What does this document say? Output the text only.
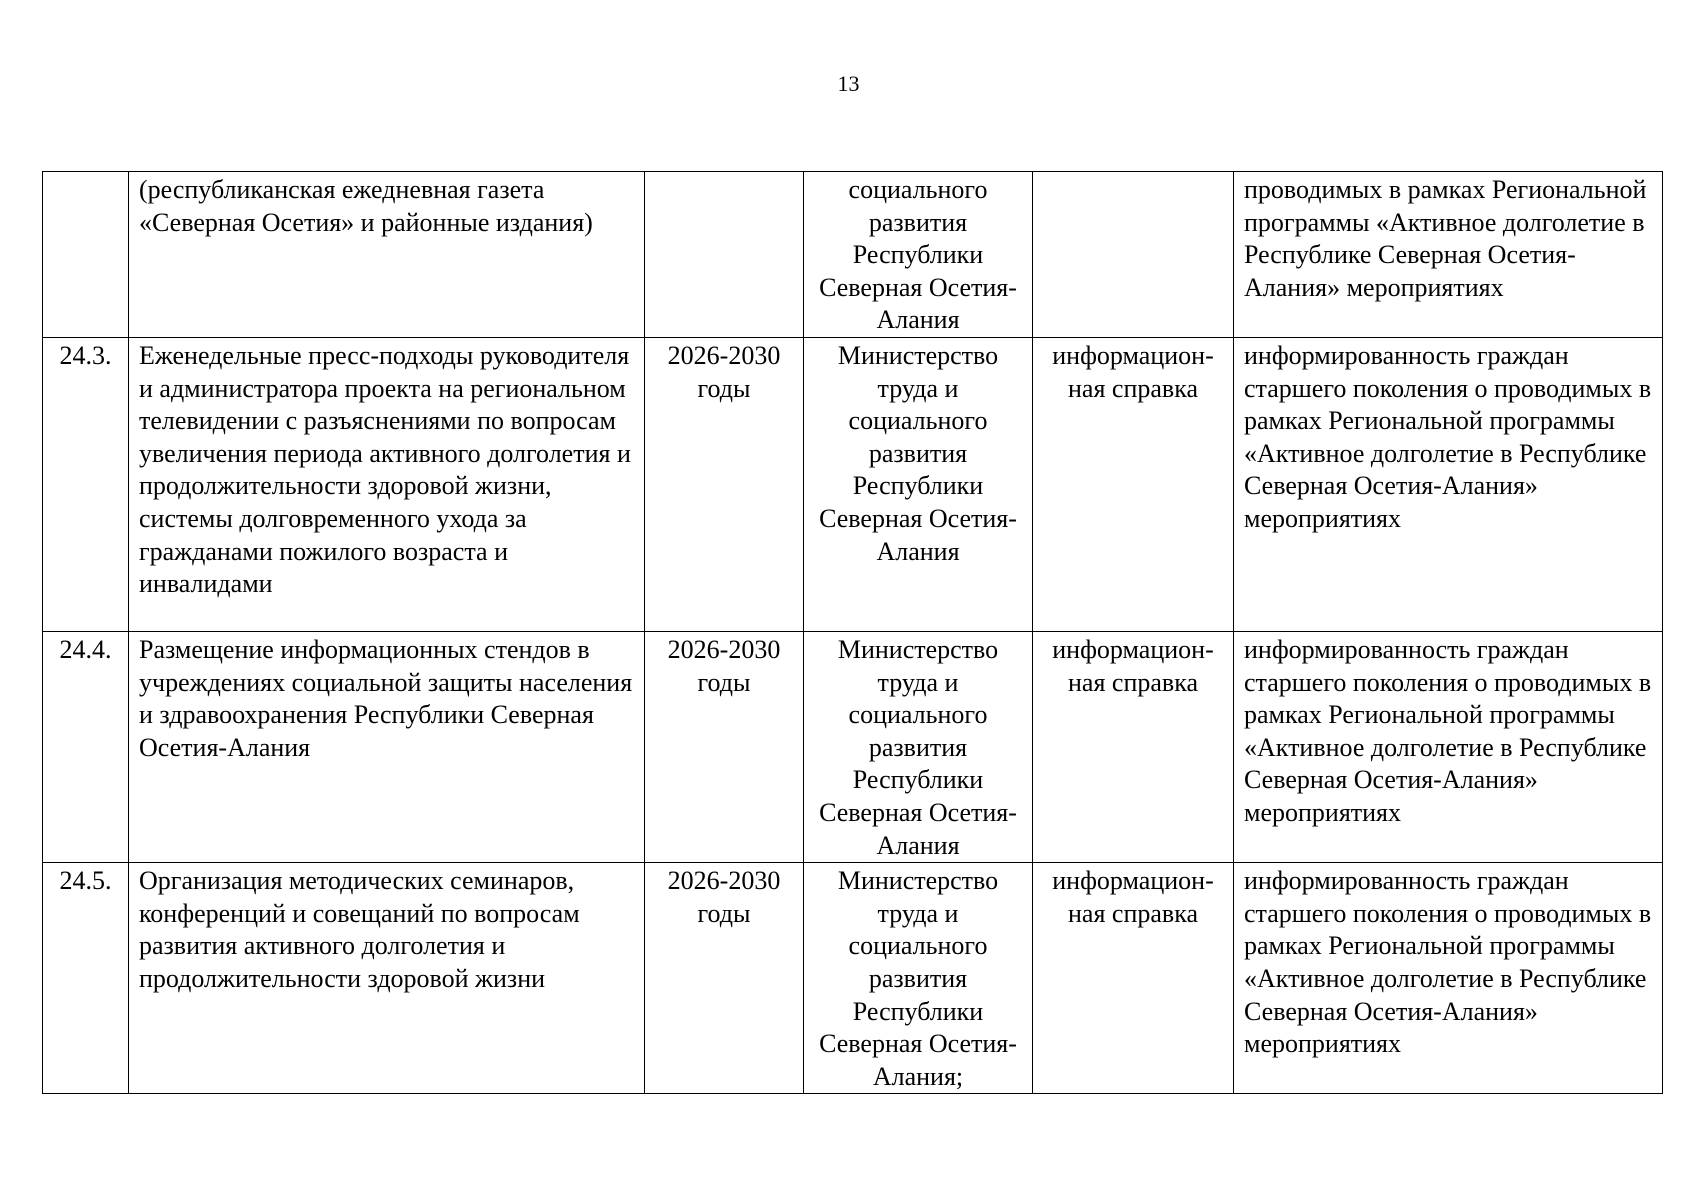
13
	(республиканская ежедневная газета «Северная Осетия» и районные издания)		социального развития Республики Северная Осетия-Алания		проводимых в рамках Региональной программы «Активное долголетие в Республике Северная Осетия-Алания» мероприятиях
24.3.	Еженедельные пресс-подходы руководителя и администратора проекта на региональном телевидении с разъяснениями по вопросам увеличения периода активного долголетия и продолжительности здоровой жизни, системы долговременного ухода за гражданами пожилого возраста и инвалидами	2026-2030 годы	Министерство труда и социального развития Республики Северная Осетия-Алания	информацион-ная справка	информированность граждан старшего поколения о проводимых в рамках Региональной программы «Активное долголетие в Республике Северная Осетия-Алания» мероприятиях
24.4.	Размещение информационных стендов в учреждениях социальной защиты населения и здравоохранения Республики Северная Осетия-Алания	2026-2030 годы	Министерство труда и социального развития Республики Северная Осетия-Алания	информацион-ная справка	информированность граждан старшего поколения о проводимых в рамках Региональной программы «Активное долголетие в Республике Северная Осетия-Алания» мероприятиях
24.5.	Организация методических семинаров, конференций и совещаний по вопросам развития активного долголетия и продолжительности здоровой жизни	2026-2030 годы	Министерство труда и социального развития Республики Северная Осетия-Алания;	информацион-ная справка	информированность граждан старшего поколения о проводимых в рамках Региональной программы «Активное долголетие в Республике Северная Осетия-Алания» мероприятиях
